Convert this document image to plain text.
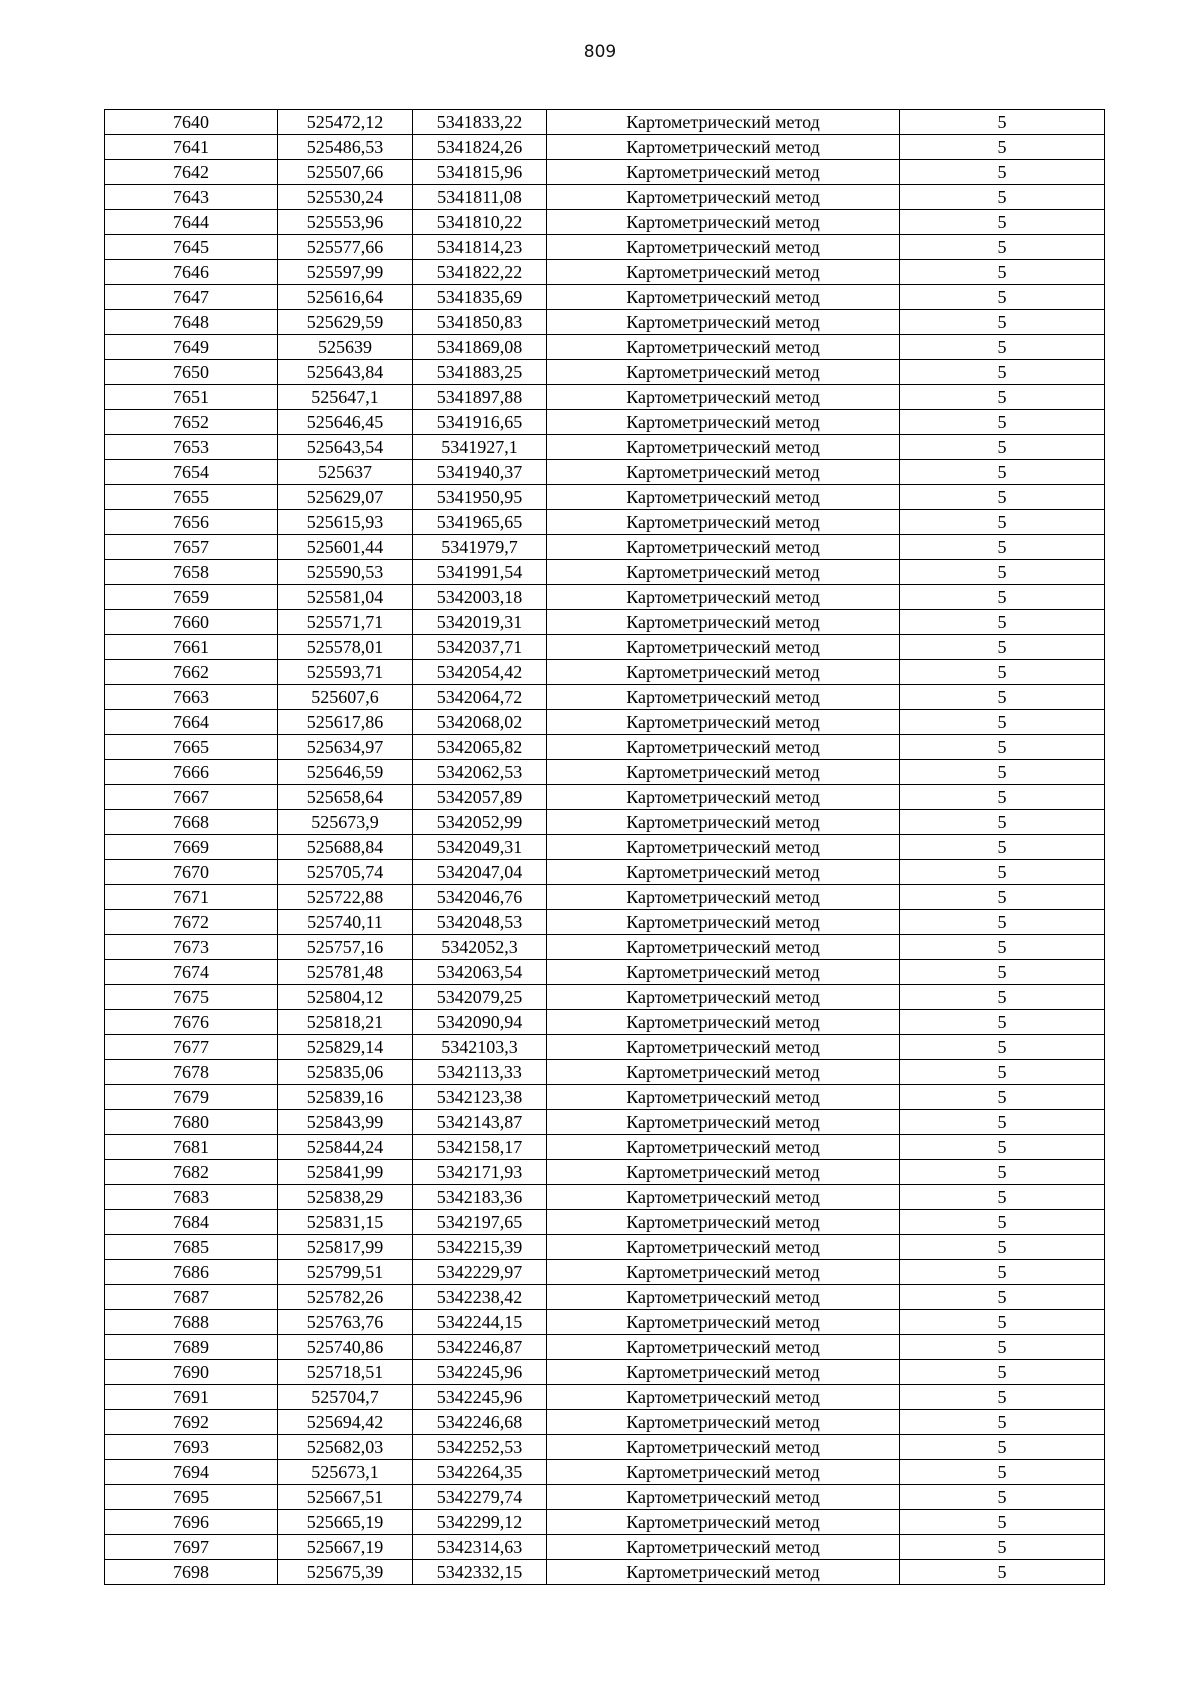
809
7640	525472,12	5341833,22	Картометрический метод	5
7641	525486,53	5341824,26	Картометрический метод	5
7642	525507,66	5341815,96	Картометрический метод	5
7643	525530,24	5341811,08	Картометрический метод	5
7644	525553,96	5341810,22	Картометрический метод	5
7645	525577,66	5341814,23	Картометрический метод	5
7646	525597,99	5341822,22	Картометрический метод	5
7647	525616,64	5341835,69	Картометрический метод	5
7648	525629,59	5341850,83	Картометрический метод	5
7649	525639	5341869,08	Картометрический метод	5
7650	525643,84	5341883,25	Картометрический метод	5
7651	525647,1	5341897,88	Картометрический метод	5
7652	525646,45	5341916,65	Картометрический метод	5
7653	525643,54	5341927,1	Картометрический метод	5
7654	525637	5341940,37	Картометрический метод	5
7655	525629,07	5341950,95	Картометрический метод	5
7656	525615,93	5341965,65	Картометрический метод	5
7657	525601,44	5341979,7	Картометрический метод	5
7658	525590,53	5341991,54	Картометрический метод	5
7659	525581,04	5342003,18	Картометрический метод	5
7660	525571,71	5342019,31	Картометрический метод	5
7661	525578,01	5342037,71	Картометрический метод	5
7662	525593,71	5342054,42	Картометрический метод	5
7663	525607,6	5342064,72	Картометрический метод	5
7664	525617,86	5342068,02	Картометрический метод	5
7665	525634,97	5342065,82	Картометрический метод	5
7666	525646,59	5342062,53	Картометрический метод	5
7667	525658,64	5342057,89	Картометрический метод	5
7668	525673,9	5342052,99	Картометрический метод	5
7669	525688,84	5342049,31	Картометрический метод	5
7670	525705,74	5342047,04	Картометрический метод	5
7671	525722,88	5342046,76	Картометрический метод	5
7672	525740,11	5342048,53	Картометрический метод	5
7673	525757,16	5342052,3	Картометрический метод	5
7674	525781,48	5342063,54	Картометрический метод	5
7675	525804,12	5342079,25	Картометрический метод	5
7676	525818,21	5342090,94	Картометрический метод	5
7677	525829,14	5342103,3	Картометрический метод	5
7678	525835,06	5342113,33	Картометрический метод	5
7679	525839,16	5342123,38	Картометрический метод	5
7680	525843,99	5342143,87	Картометрический метод	5
7681	525844,24	5342158,17	Картометрический метод	5
7682	525841,99	5342171,93	Картометрический метод	5
7683	525838,29	5342183,36	Картометрический метод	5
7684	525831,15	5342197,65	Картометрический метод	5
7685	525817,99	5342215,39	Картометрический метод	5
7686	525799,51	5342229,97	Картометрический метод	5
7687	525782,26	5342238,42	Картометрический метод	5
7688	525763,76	5342244,15	Картометрический метод	5
7689	525740,86	5342246,87	Картометрический метод	5
7690	525718,51	5342245,96	Картометрический метод	5
7691	525704,7	5342245,96	Картометрический метод	5
7692	525694,42	5342246,68	Картометрический метод	5
7693	525682,03	5342252,53	Картометрический метод	5
7694	525673,1	5342264,35	Картометрический метод	5
7695	525667,51	5342279,74	Картометрический метод	5
7696	525665,19	5342299,12	Картометрический метод	5
7697	525667,19	5342314,63	Картометрический метод	5
7698	525675,39	5342332,15	Картометрический метод	5
